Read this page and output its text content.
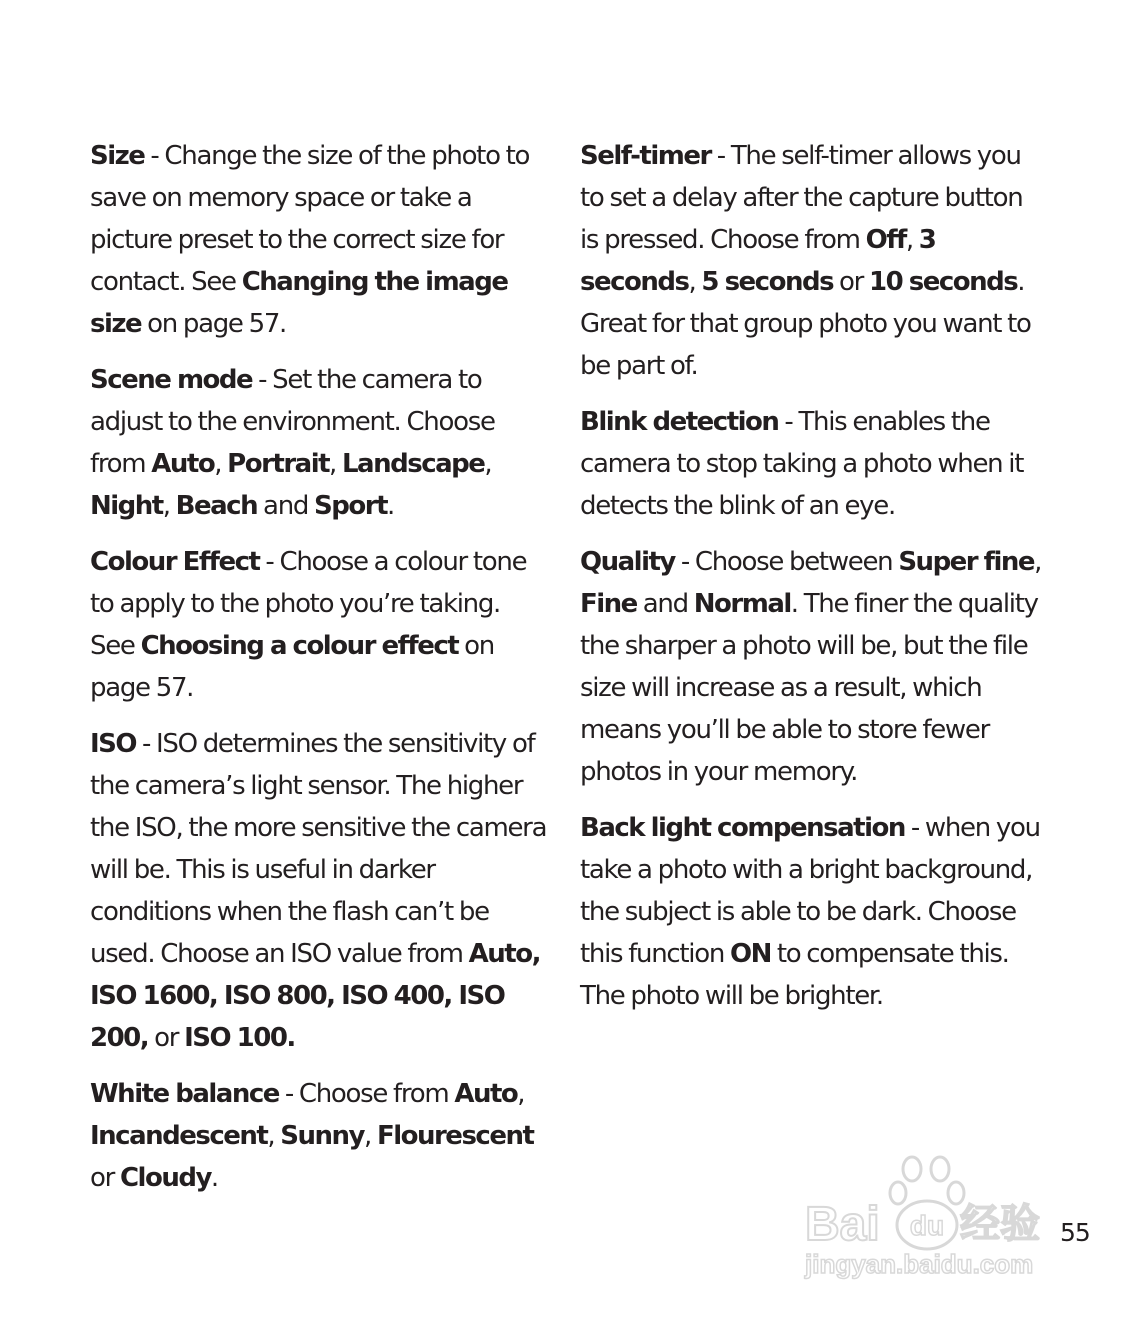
Size - Change the size of the photo to save on memory space or take a picture preset to the correct size for contact. See Changing the image size on page 57.

Scene mode - Set the camera to adjust to the environment. Choose from Auto, Portrait, Landscape, Night, Beach and Sport.

Colour Effect - Choose a colour tone to apply to the photo you’re taking. See Choosing a colour effect on page 57.

ISO - ISO determines the sensitivity of the camera’s light sensor. The higher the ISO, the more sensitive the camera will be. This is useful in darker conditions when the flash can’t be used. Choose an ISO value from Auto, ISO 1600, ISO 800, ISO 400, ISO 200, or ISO 100.

White balance - Choose from Auto, Incandescent, Sunny, Flourescent or Cloudy.

Self-timer - The self-timer allows you to set a delay after the capture button is pressed. Choose from Off, 3 seconds, 5 seconds or 10 seconds. Great for that group photo you want to be part of.

Blink detection - This enables the camera to stop taking a photo when it detects the blink of an eye.

Quality - Choose between Super fine, Fine and Normal. The finer the quality the sharper a photo will be, but the file size will increase as a result, which means you’ll be able to store fewer photos in your memory.

Back light compensation - when you take a photo with a bright background, the subject is able to be dark. Choose this function ON to compensate this. The photo will be brighter.

Bai du 经验
jingyan.baidu.com
55
